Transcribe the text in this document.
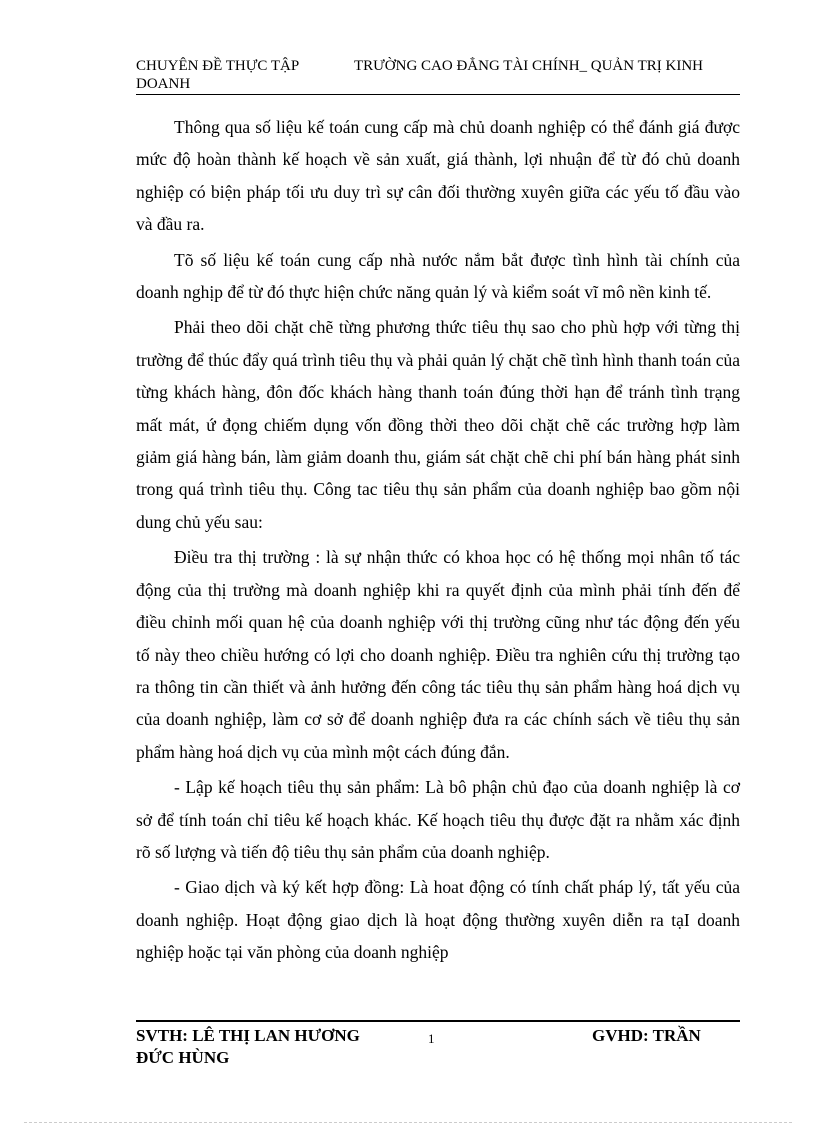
CHUYÊN ĐỀ THỰC TẬP	TRƯỜNG CAO ĐẲNG TÀI CHÍNH_ QUẢN TRỊ KINH
DOANH

Thông qua số liệu kế toán cung cấp mà chủ doanh nghiệp có thể đánh giá được mức độ hoàn thành kế hoạch về sản xuất, giá thành, lợi nhuận để từ đó chủ doanh nghiệp có biện pháp tối ưu duy trì sự cân đối thường xuyên giữa các yếu tố đầu vào và đầu ra.

Tõ số liệu kế toán cung cấp nhà nước nắm bắt được tình hình tài chính của doanh nghịp để từ đó thực hiện chức năng quản lý và kiểm soát vĩ mô nền kinh tế.

Phải theo dõi chặt chẽ từng phương thức tiêu thụ sao cho phù hợp với từng thị trường để thúc đẩy quá trình tiêu thụ và phải quản lý chặt chẽ tình hình thanh toán của từng khách hàng, đôn đốc khách hàng thanh toán đúng thời hạn để tránh tình trạng mất mát, ứ đọng chiếm dụng vốn đồng thời theo dõi chặt chẽ các trường hợp làm giảm giá hàng bán, làm giảm doanh thu, giám sát chặt chẽ chi phí bán hàng phát sinh trong quá trình tiêu thụ. Công tac tiêu thụ sản phẩm của doanh nghiệp bao gồm nội dung chủ yếu sau:

Điều tra thị trường : là sự nhận thức có khoa học có hệ thống mọi nhân tố tác động của thị trường mà doanh nghiệp khi ra quyết định của mình phải tính đến để điều chỉnh mối quan hệ của doanh nghiệp với thị trường cũng như tác động đến yếu tố này theo chiều hướng có lợi cho doanh nghiệp. Điều tra nghiên cứu thị trường tạo ra thông tin cần thiết và ảnh hưởng đến công tác tiêu thụ sản phẩm hàng hoá dịch vụ của doanh nghiệp, làm cơ sở để doanh nghiệp đưa ra các chính sách về tiêu thụ sản phẩm hàng hoá dịch vụ của mình một cách đúng đắn.

- Lập kế hoạch tiêu thụ sản phẩm: Là bô phận chủ đạo của doanh nghiệp là cơ sở để tính toán chỉ tiêu kế hoạch khác. Kế hoạch tiêu thụ được đặt ra nhằm xác định rõ số lượng và tiến độ tiêu thụ sản phẩm của doanh nghiệp.

- Giao dịch và ký kết hợp đồng: Là hoat động có tính chất pháp lý, tất yếu của doanh nghiệp. Hoạt động giao dịch là hoạt động thường xuyên diễn ra tạI doanh nghiệp hoặc tại văn phòng của doanh nghiệp

SVTH: LÊ THỊ LAN HƯƠNG	1	GVHD: TRẦN
ĐỨC HÙNG
